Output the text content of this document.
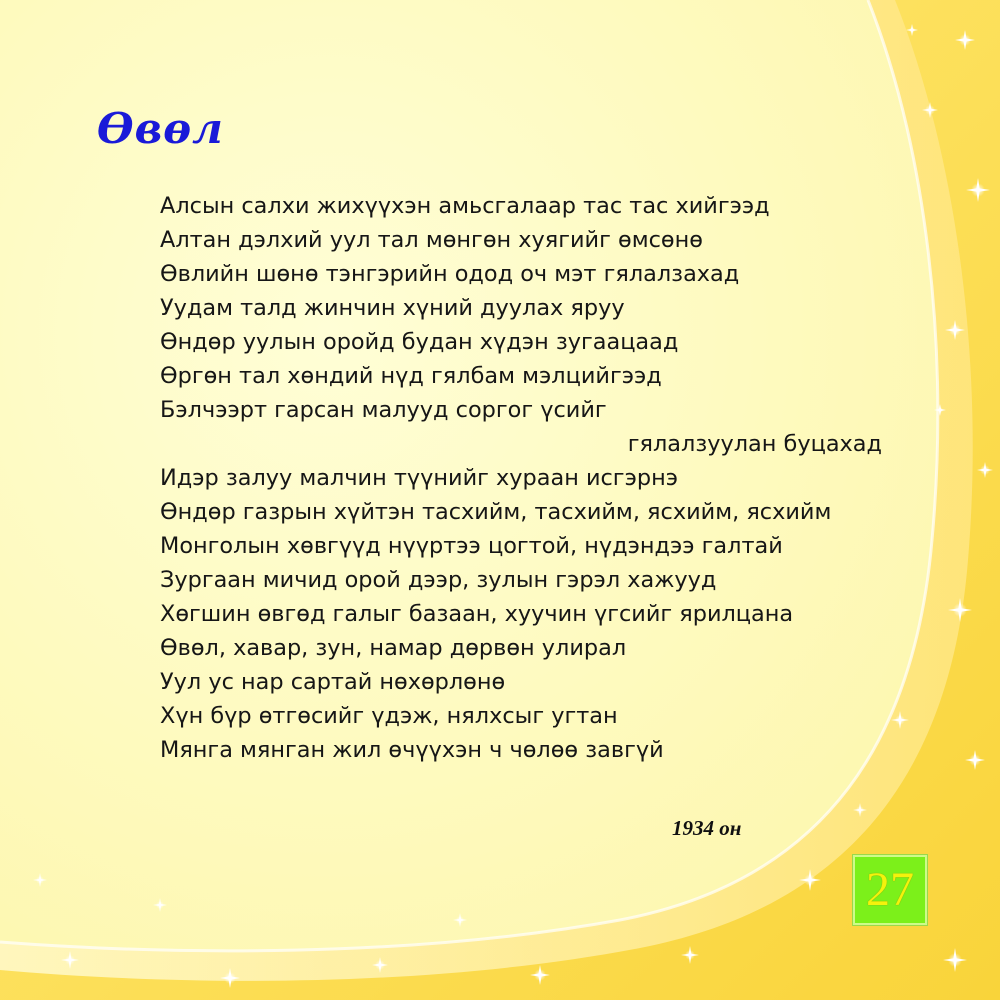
Өвөл
Алсын салхи жихүүхэн амьсгалаар тас тас хийгээд
Алтан дэлхий уул тал мөнгөн хуягийг өмсөнө
Өвлийн шөнө тэнгэрийн одод оч мэт гялалзахад
Уудам талд жинчин хүний дуулах яруу
Өндөр уулын оройд будан хүдэн зугаацаад
Өргөн тал хөндий нүд гялбам мэлцийгээд
Бэлчээрт гарсан малууд соргог үсийг
гялалзуулан буцахад
Идэр залуу малчин түүнийг хураан исгэрнэ
Өндөр газрын хүйтэн тасхийм, тасхийм, ясхийм, ясхийм
Монголын хөвгүүд нүүртээ цогтой, нүдэндээ галтай
Зургаан мичид орой дээр, зулын гэрэл хажууд
Хөгшин өвгөд галыг базаан, хуучин үгсийг ярилцана
Өвөл, хавар, зун, намар дөрвөн улирал
Уул ус нар сартай нөхөрлөнө
Хүн бүр өтгөсийг үдэж, нялхсыг угтан
Мянга мянган жил өчүүхэн ч чөлөө завгүй
1934 он
27
